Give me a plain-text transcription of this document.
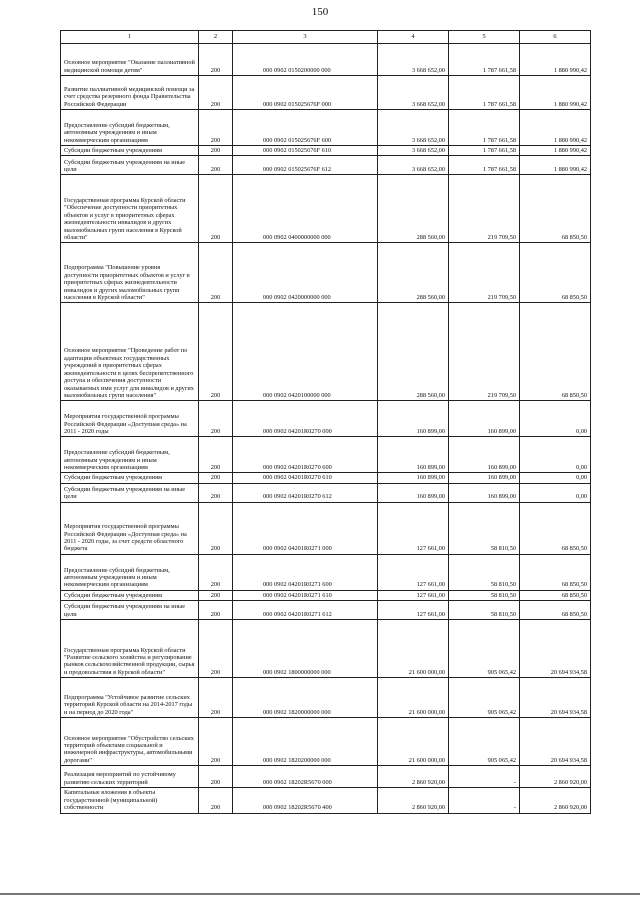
150
1	2	3	4	5	6
Основное мероприятие "Оказание паллиативной медицинской помощи детям"	200	000 0902 0150200000 000	3 668 652,00	1 787 661,58	1 880 990,42
Развитие паллиативной медицинской помощи за счет средства резервного фонда Правительства Российской Федерации	200	000 0902 015025676F 000	3 668 652,00	1 787 661,58	1 880 990,42
Предоставление субсидий бюджетным, автономным учреждениям и иным некоммерческим организациям	200	000 0902 015025676F 600	3 668 652,00	1 787 661,58	1 880 990,42
Субсидии бюджетным учреждениям	200	000 0902 015025676F 610	3 668 652,00	1 787 661,58	1 880 990,42
Субсидии бюджетным учреждениям на иные цели	200	000 0902 015025676F 612	3 668 652,00	1 787 661,58	1 880 990,42
Государственная программа Курской области "Обеспечение доступности приоритетных объектов и услуг в приоритетных сферах жизнедеятельности инвалидов и других маломобильных групп населения в Курской области"	200	000 0902 0400000000 000	288 560,00	219 709,50	68 850,50
Подпрограмма "Повышение уровня доступности приоритетных объектов и услуг в приоритетных сферах жизнедеятельности инвалидов и других маломобильных групп населения в Курской области"	200	000 0902 0420000000 000	288 560,00	219 709,50	68 850,50
Основное мероприятие "Проведение работ по адаптации объектных государственных учреждений в приоритетных сферах жизнедеятельности в целях беспрепятственного доступа и обеспечения доступности оказываемых ими услуг для инвалидов и других маломобильных групп населения"	200	000 0902 0420100000 000	288 560,00	219 709,50	68 850,50
Мероприятия государственной программы Российской Федерации «Доступная среда» на 2011 - 2020 годы	200	000 0902 04201R0270 000	160 899,00	160 899,00	0,00
Предоставление субсидий бюджетным, автономным учреждениям и иным некоммерческим организациям	200	000 0902 04201R0270 600	160 899,00	160 899,00	0,00
Субсидии бюджетным учреждениям	200	000 0902 04201R0270 610	160 899,00	160 899,00	0,00
Субсидии бюджетным учреждениям на иные цели	200	000 0902 04201R0270 612	160 899,00	160 899,00	0,00
Мероприятия государственной программы Российской Федерации «Доступная среда» на 2011 - 2020 годы, за счет средств областного бюджета	200	000 0902 04201R0271 000	127 661,00	58 810,50	68 850,50
Предоставление субсидий бюджетным, автономным учреждениям и иным некоммерческим организациям	200	000 0902 04201R0271 600	127 661,00	58 810,50	68 850,50
Субсидии бюджетным учреждениям	200	000 0902 04201R0271 610	127 661,00	58 810,50	68 850,50
Субсидии бюджетным учреждениям на иные цели	200	000 0902 04201R0271 612	127 661,00	58 810,50	68 850,50
Государственная программа Курской области "Развитие сельского хозяйства и регулирование рынков сельскохозяйственной продукции, сырья и продовольствия в Курской области"	200	000 0902 1800000000 000	21 600 000,00	905 065,42	20 694 934,58
Подпрограмма "Устойчивое развитие сельских территорий Курской области на 2014-2017 годы и на период до 2020 года"	200	000 0902 1820000000 000	21 600 000,00	905 065,42	20 694 934,58
Основное мероприятие "Обустройство сельских территорий объектами социальной и инженерной инфраструктуры, автомобильными дорогами"	200	000 0902 1820200000 000	21 600 000,00	905 065,42	20 694 934,58
Реализация мероприятий по устойчивому развитию сельских территорий	200	000 0902 18202R5670 000	2 860 920,00	-	2 860 920,00
Капитальные вложения в объекты государственной (муниципальной) собственности	200	000 0902 18202R5670 400	2 860 920,00	-	2 860 920,00
